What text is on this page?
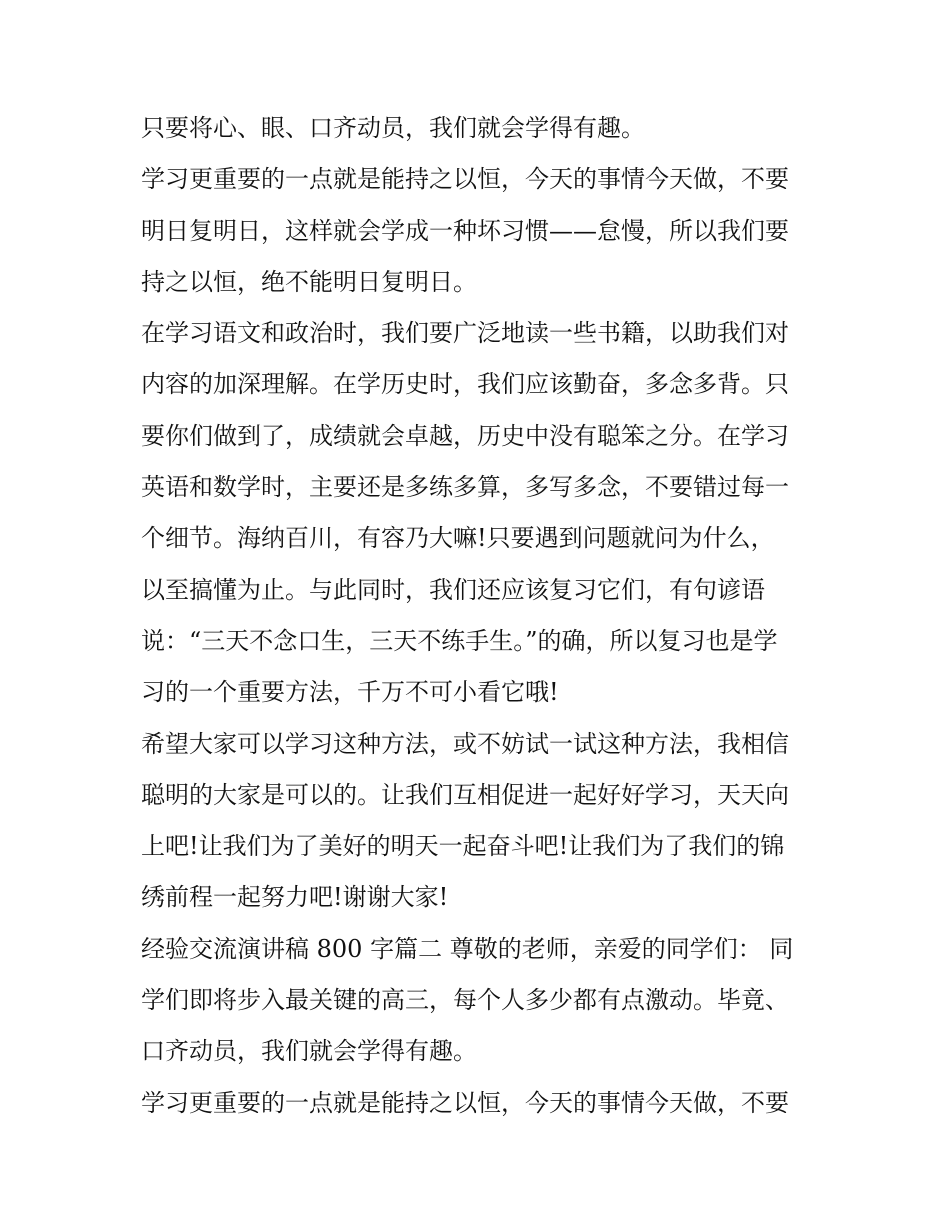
只要将心、眼、口齐动员，我们就会学得有趣。
学习更重要的一点就是能持之以恒，今天的事情今天做，不要
明日复明日，这样就会学成一种坏习惯——怠慢，所以我们要
持之以恒，绝不能明日复明日。
在学习语文和政治时，我们要广泛地读一些书籍，以助我们对
内容的加深理解。在学历史时，我们应该勤奋，多念多背。只
要你们做到了，成绩就会卓越，历史中没有聪笨之分。在学习
英语和数学时，主要还是多练多算，多写多念，不要错过每一
个细节。海纳百川，有容乃大嘛!只要遇到问题就问为什么，
以至搞懂为止。与此同时，我们还应该复习它们，有句谚语
说：“三天不念口生，三天不练手生。”的确，所以复习也是学
习的一个重要方法，千万不可小看它哦!
希望大家可以学习这种方法，或不妨试一试这种方法，我相信
聪明的大家是可以的。让我们互相促进一起好好学习，天天向
上吧!让我们为了美好的明天一起奋斗吧!让我们为了我们的锦
绣前程一起努力吧!谢谢大家!
经验交流演讲稿 800 字篇二 尊敬的老师，亲爱的同学们： 同
学们即将步入最关键的高三，每个人多少都有点激动。毕竟、
口齐动员，我们就会学得有趣。
学习更重要的一点就是能持之以恒，今天的事情今天做，不要
